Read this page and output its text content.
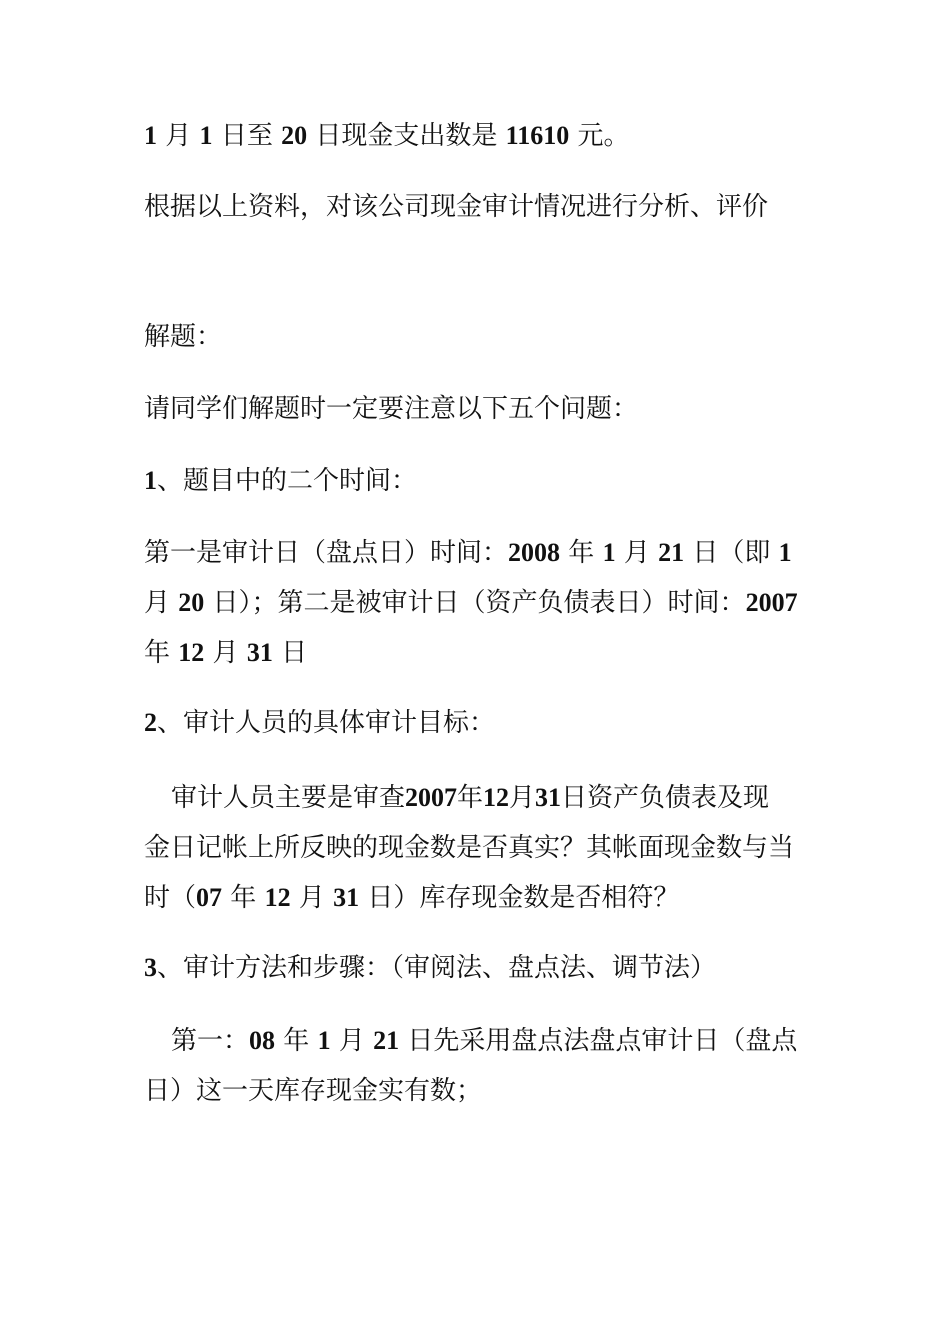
1 月 1 日至 20 日现金支出数是 11610 元。
根据以上资料，对该公司现金审计情况进行分析、评价
解题：
请同学们解题时一定要注意以下五个问题：
1、题目中的二个时间：
第一是审计日（盘点日）时间：2008 年 1 月 21 日（即 1
月 20 日）；第二是被审计日（资产负债表日）时间：2007
年 12 月 31 日
2、审计人员的具体审计目标：
审计人员主要是审查2007年12月31日资产负债表及现
金日记帐上所反映的现金数是否真实？其帐面现金数与当
时（07 年 12 月 31 日）库存现金数是否相符？
3、审计方法和步骤：（审阅法、盘点法、调节法）
第一：08 年 1 月 21 日先采用盘点法盘点审计日（盘点
日）这一天库存现金实有数；
